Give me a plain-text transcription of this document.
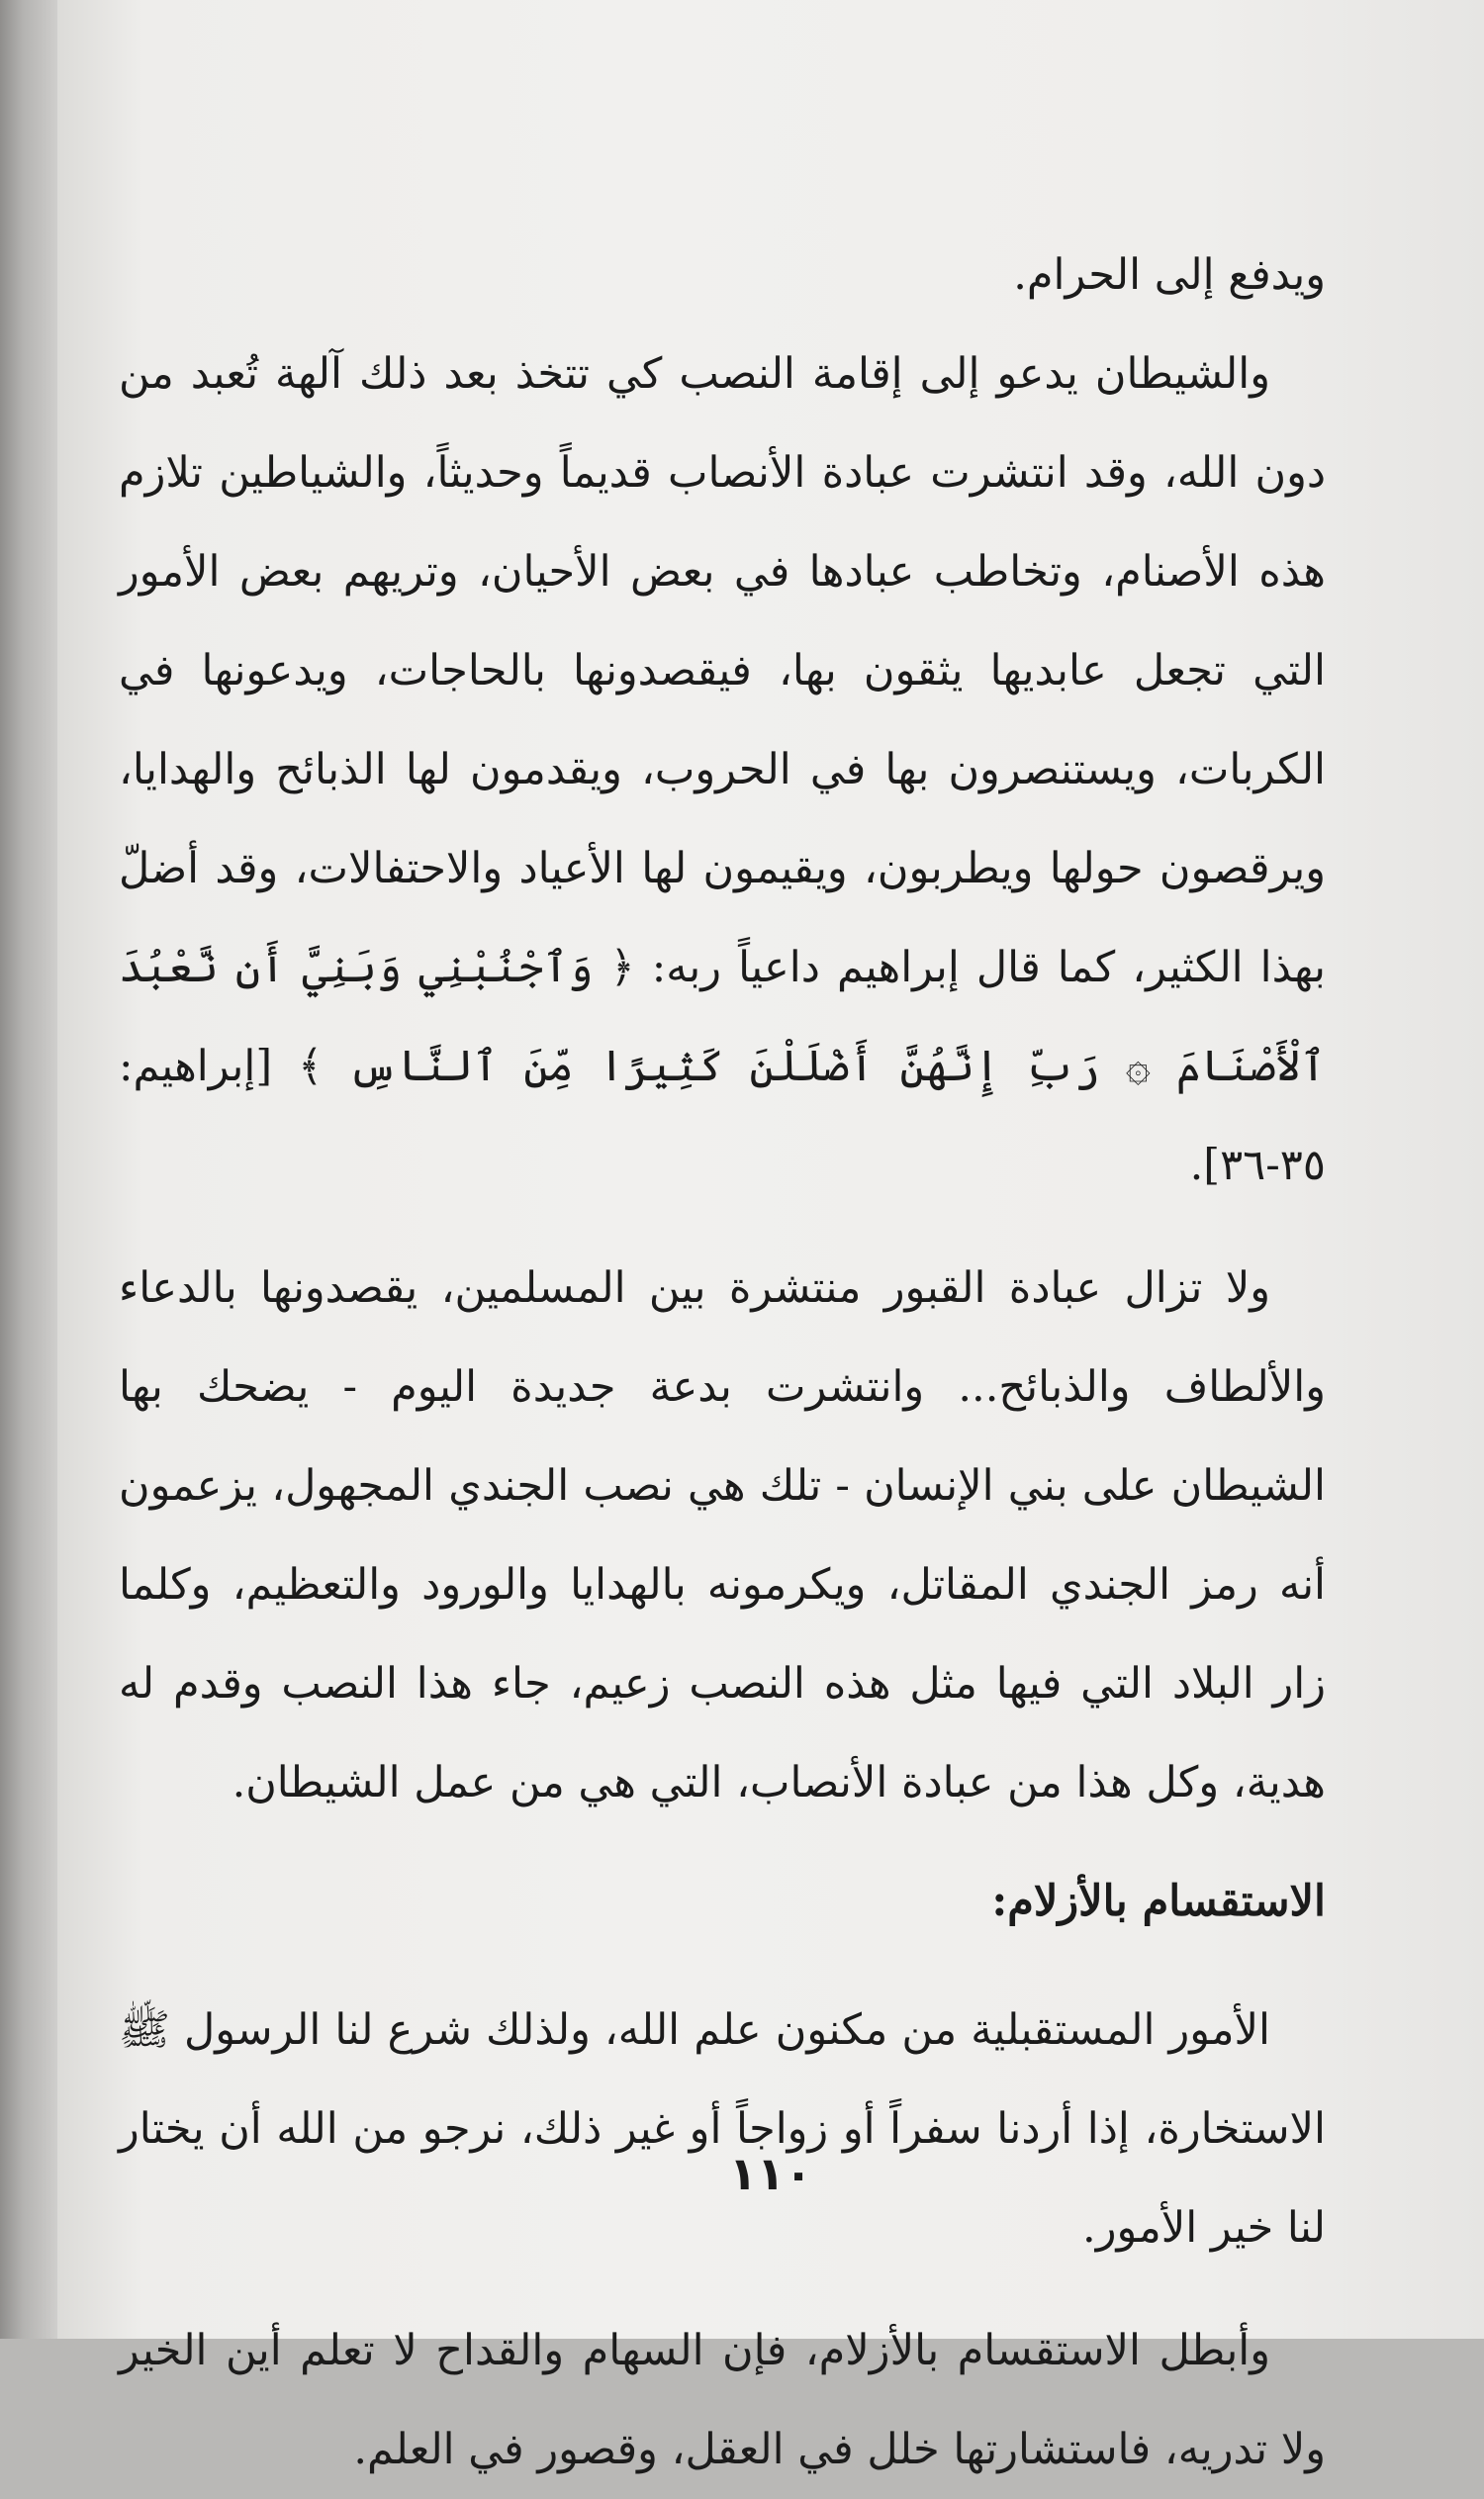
ويدفع إلى الحرام.

والشيطان يدعو إلى إقامة النصب كي تتخذ بعد ذلك آلهة تُعبد من دون الله، وقد انتشرت عبادة الأنصاب قديماً وحديثاً، والشياطين تلازم هذه الأصنام، وتخاطب عبادها في بعض الأحيان، وتريهم بعض الأمور التي تجعل عابديها يثقون بها، فيقصدونها بالحاجات، ويدعونها في الكربات، ويستنصرون بها في الحروب، ويقدمون لها الذبائح والهدايا، ويرقصون حولها ويطربون، ويقيمون لها الأعياد والاحتفالات، وقد أضلّ بهذا الكثير، كما قال إبراهيم داعياً ربه: ﴿ وَٱجْنُبْنِي وَبَنِيَّ أَن نَّعْبُدَ ٱلْأَصْنَامَ ۞ رَبِّ إِنَّهُنَّ أَضْلَلْنَ كَثِيرًا مِّنَ ٱلنَّاسِ ﴾ [إبراهيم: ٣٥-٣٦].

ولا تزال عبادة القبور منتشرة بين المسلمين، يقصدونها بالدعاء والألطاف والذبائح... وانتشرت بدعة جديدة اليوم - يضحك بها الشيطان على بني الإنسان - تلك هي نصب الجندي المجهول، يزعمون أنه رمز الجندي المقاتل، ويكرمونه بالهدايا والورود والتعظيم، وكلما زار البلاد التي فيها مثل هذه النصب زعيم، جاء هذا النصب وقدم له هدية، وكل هذا من عبادة الأنصاب، التي هي من عمل الشيطان.

الاستقسام بالأزلام:

الأمور المستقبلية من مكنون علم الله، ولذلك شرع لنا الرسول ﷺ الاستخارة، إذا أردنا سفراً أو زواجاً أو غير ذلك، نرجو من الله أن يختار لنا خير الأمور.

وأبطل الاستقسام بالأزلام، فإن السهام والقداح لا تعلم أين الخير ولا تدريه، فاستشارتها خلل في العقل، وقصور في العلم.

١١٠
